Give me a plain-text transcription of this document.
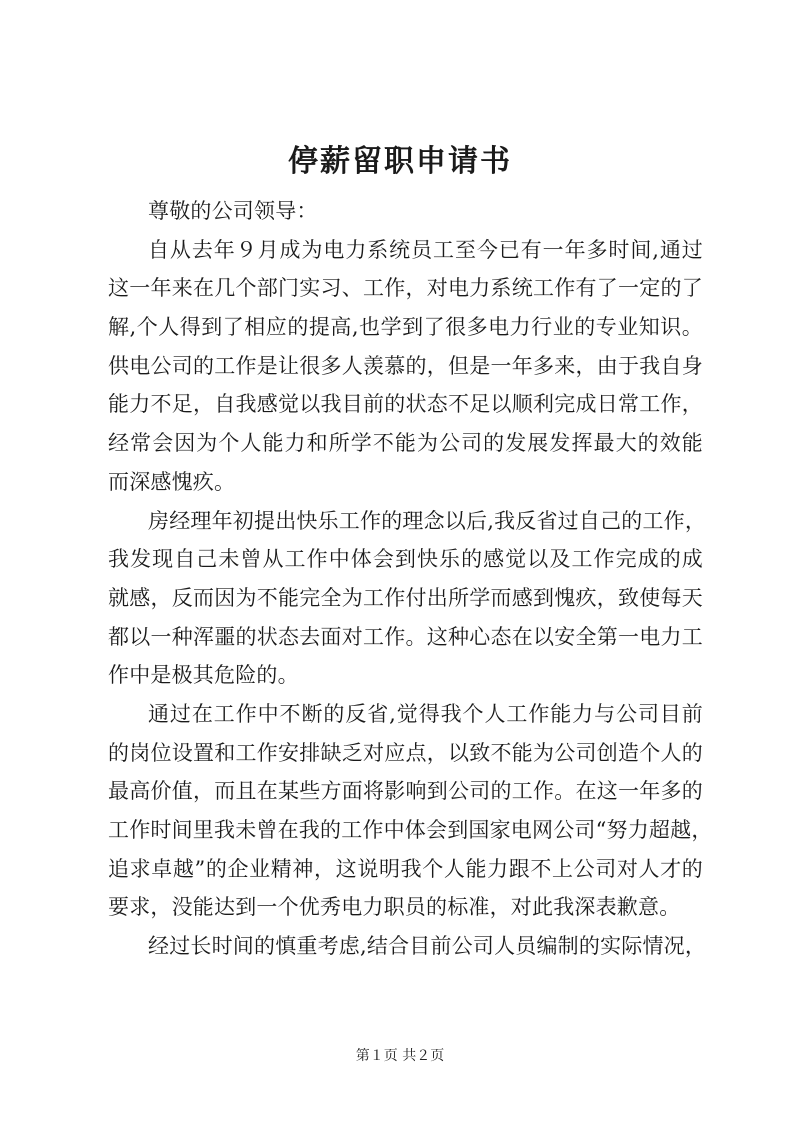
停薪留职申请书
尊敬的公司领导：
自从去年９月成为电力系统员工至今已有一年多时间,通过
这一年来在几个部门实习、工作，对电力系统工作有了一定的了
解,个人得到了相应的提高,也学到了很多电力行业的专业知识。
供电公司的工作是让很多人羡慕的，但是一年多来，由于我自身
能力不足，自我感觉以我目前的状态不足以顺利完成日常工作，
经常会因为个人能力和所学不能为公司的发展发挥最大的效能
而深感愧疚。
房经理年初提出快乐工作的理念以后,我反省过自己的工作，
我发现自己未曾从工作中体会到快乐的感觉以及工作完成的成
就感，反而因为不能完全为工作付出所学而感到愧疚，致使每天
都以一种浑噩的状态去面对工作。这种心态在以安全第一电力工
作中是极其危险的。
通过在工作中不断的反省,觉得我个人工作能力与公司目前
的岗位设置和工作安排缺乏对应点，以致不能为公司创造个人的
最高价值，而且在某些方面将影响到公司的工作。在这一年多的
工作时间里我未曾在我的工作中体会到国家电网公司“努力超越，
追求卓越”的企业精神，这说明我个人能力跟不上公司对人才的
要求，没能达到一个优秀电力职员的标准，对此我深表歉意。
经过长时间的慎重考虑,结合目前公司人员编制的实际情况，
第１页 共２页
